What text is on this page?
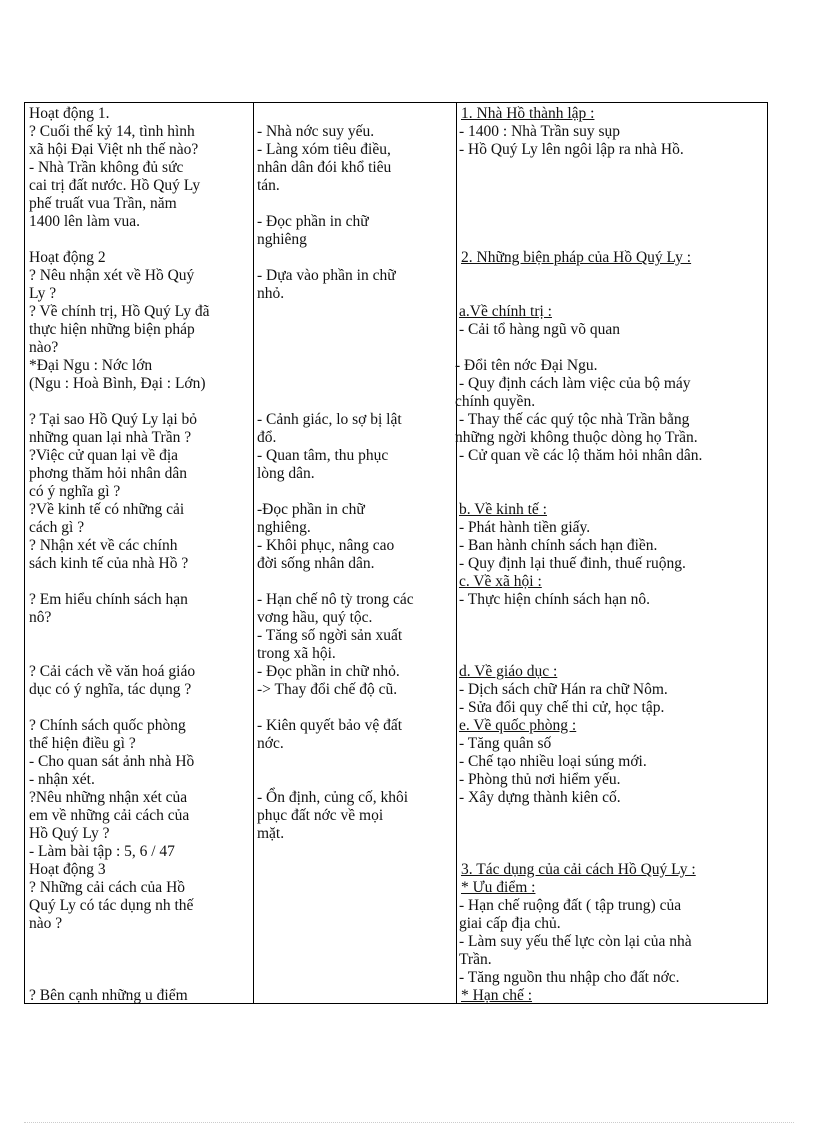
Hoạt động 1.
? Cuối thế kỷ 14, tình hình
xã hội Đại Việt nh thế nào?
- Nhà Trần không đủ sức
cai trị đất nước. Hồ Quý Ly
phế truất vua Trần, năm
1400 lên làm vua.
Hoạt động 2
? Nêu nhận xét về Hồ Quý
Ly ?
? Về chính trị, Hồ Quý Ly đã
thực hiện những biện pháp
nào?
*Đại Ngu : Nớc lớn
(Ngu : Hoà Bình, Đại : Lớn)
? Tại sao Hồ Quý Ly lại bỏ
những quan lại nhà Trần ?
?Việc cử quan lại về địa
phơng thăm hỏi nhân dân
có ý nghĩa gì ?
?Về kinh tế có những cải
cách gì ?
? Nhận xét về các chính
sách kinh tế của nhà Hồ ?
? Em hiểu chính sách hạn
nô?
? Cải cách về văn hoá giáo
dục có ý nghĩa, tác dụng ?
? Chính sách quốc phòng
thể hiện điều gì ?
- Cho quan sát ảnh nhà Hồ
- nhận xét.
?Nêu những nhận xét của
em về những cải cách của
Hồ Quý Ly ?
- Làm bài tập : 5, 6 / 47
Hoạt động 3
? Những cải cách của Hồ
Quý Ly có tác dụng nh thế
nào ?
? Bên cạnh những u điểm
- Nhà nớc suy yếu.
- Làng xóm tiêu điều,
nhân dân đói khổ tiêu
tán.
- Đọc phần in chữ
nghiêng
- Dựa vào phần in chữ
nhỏ.
- Cảnh giác, lo sợ bị lật
đổ.
- Quan tâm, thu phục
lòng dân.
-Đọc phần in chữ
nghiêng.
- Khôi phục, nâng cao
đời sống nhân dân.
- Hạn chế nô tỳ trong các
vơng hầu, quý tộc.
- Tăng số ngời sản xuất
trong xã hội.
- Đọc phần in chữ nhỏ.
-> Thay đổi chế độ cũ.
- Kiên quyết bảo vệ đất
nớc.
- Ổn định, củng cố, khôi
phục đất nớc về mọi
mặt.
1. Nhà Hồ thành lập :
- 1400 : Nhà Trần suy sụp
- Hồ Quý Ly lên ngôi lập ra nhà Hồ.
2. Những biện pháp của Hồ Quý Ly :
a.Về chính trị :
- Cải tổ hàng ngũ võ quan
- Đổi tên nớc Đại Ngu.
- Quy định cách làm việc của bộ máy
chính quyền.
- Thay thế các quý tộc nhà Trần bằng
những ngời không thuộc dòng họ Trần.
- Cử quan về các lộ thăm hỏi nhân dân.
b. Về kinh tế :
- Phát hành tiền giấy.
- Ban hành chính sách hạn điền.
- Quy định lại thuế đinh, thuế ruộng.
c. Về xã hội :
- Thực hiện chính sách hạn nô.
d. Về giáo dục :
- Dịch sách chữ Hán ra chữ Nôm.
- Sửa đổi quy chế thi cử, học tập.
e. Về quốc phòng :
- Tăng quân số
- Chế tạo nhiều loại súng mới.
- Phòng thủ nơi hiểm yếu.
- Xây dựng thành kiên cố.
3. Tác dụng của cải cách Hồ Quý Ly :
* Ưu điểm :
- Hạn chế ruộng đất ( tập trung) của
giai cấp địa chủ.
- Làm suy yếu thế lực còn lại của nhà
Trần.
- Tăng nguồn thu nhập cho đất nớc.
* Hạn chế :
